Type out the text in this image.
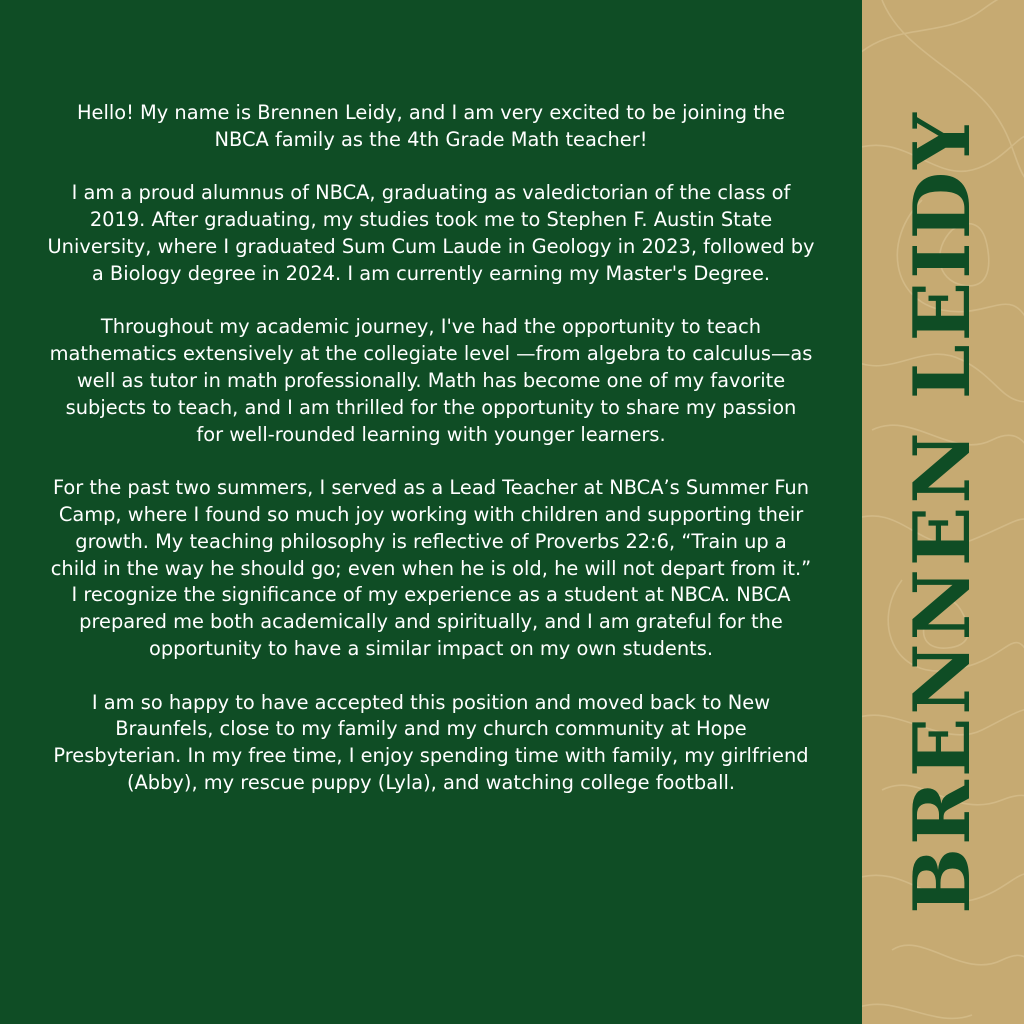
Hello! My name is Brennen Leidy, and I am very excited to be joining the
NBCA family as the 4th Grade Math teacher!

I am a proud alumnus of NBCA, graduating as valedictorian of the class of
2019. After graduating, my studies took me to Stephen F. Austin State
University, where I graduated Sum Cum Laude in Geology in 2023, followed by
a Biology degree in 2024. I am currently earning my Master's Degree.

Throughout my academic journey, I've had the opportunity to teach
mathematics extensively at the collegiate level —from algebra to calculus—as
well as tutor in math professionally. Math has become one of my favorite
subjects to teach, and I am thrilled for the opportunity to share my passion
for well-rounded learning with younger learners.

For the past two summers, I served as a Lead Teacher at NBCA’s Summer Fun
Camp, where I found so much joy working with children and supporting their
growth. My teaching philosophy is reflective of Proverbs 22:6, “Train up a
child in the way he should go; even when he is old, he will not depart from it.”
I recognize the significance of my experience as a student at NBCA. NBCA
prepared me both academically and spiritually, and I am grateful for the
opportunity to have a similar impact on my own students.

I am so happy to have accepted this position and moved back to New
Braunfels, close to my family and my church community at Hope
Presbyterian. In my free time, I enjoy spending time with family, my girlfriend
(Abby), my rescue puppy (Lyla), and watching college football.	BRENNEN LEIDY
